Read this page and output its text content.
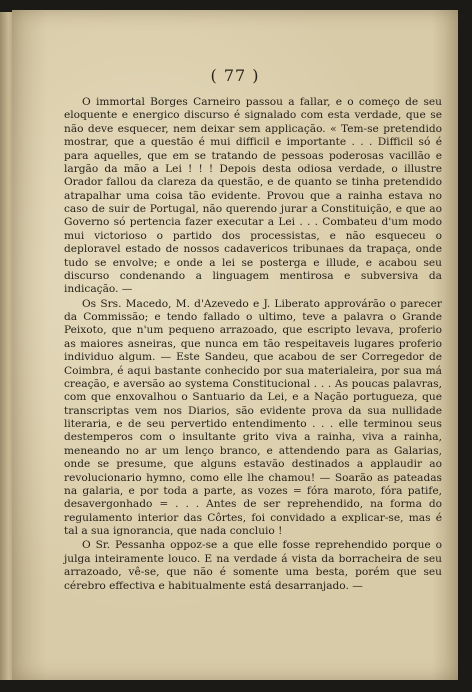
( 77 )

O immortal Borges Carneiro passou a fallar, e o começo de seu eloquente e energico discurso é signalado com esta verdade, que se não deve esquecer, nem deixar sem applicação. « Tem-se pretendido mostrar, que a questão é mui difficil e importante . . . Difficil só é para aquelles, que em se tratando de pessoas poderosas vacillão e largão da mão a Lei ! ! ! Depois desta odiosa verdade, o illustre Orador fallou da clareza da questão, e de quanto se tinha pretendido atrapalhar uma coisa tão evidente. Provou que a rainha estava no caso de suir de Portugal, não querendo jurar a Constituição, e que ao Governo só pertencia fazer executar a Lei . . . Combateu d'um modo mui victorioso o partido dos processistas, e não esqueceu o deploravel estado de nossos cadavericos tribunaes da trapaça, onde tudo se envolve; e onde a lei se posterga e illude, e acabou seu discurso condenando a linguagem mentirosa e subversiva da indicação. —

Os Srs. Macedo, M. d'Azevedo e J. Liberato approvárão o parecer da Commissão; e tendo fallado o ultimo, teve a palavra o Grande Peixoto, que n'um pequeno arrazoado, que escripto levava, proferio as maiores asneiras, que nunca em tão respeitaveis lugares proferio individuo algum. — Este Sandeu, que acabou de ser Corregedor de Coimbra, é aqui bastante conhecido por sua materialeira, por sua má creação, e aversão ao systema Constitucional . . . As poucas palavras, com que enxovalhou o Santuario da Lei, e a Nação portugueza, que transcriptas vem nos Diarios, são evidente prova da sua nullidade literaria, e de seu pervertido entendimento . . . elle terminou seus destemperos com o insultante grito viva a rainha, viva a rainha, meneando no ar um lenço branco, e attendendo para as Galarias, onde se presume, que alguns estavão destinados a applaudir ao revolucionario hymno, como elle lhe chamou! — Soarão as pateadas na galaria, e por toda a parte, as vozes = fóra maroto, fóra patife, desavergonhado = . . . Antes de ser reprehendido, na forma do regulamento interior das Côrtes, foi convidado a explicar-se, mas é tal a sua ignorancia, que nada concluio !

O Sr. Pessanha oppoz-se a que elle fosse reprehendido porque o julga inteiramente louco. E na verdade á vista da borracheira de seu arrazoado, vê-se, que não é somente uma besta, porém que seu cérebro effectiva e habitualmente está desarranjado. —
